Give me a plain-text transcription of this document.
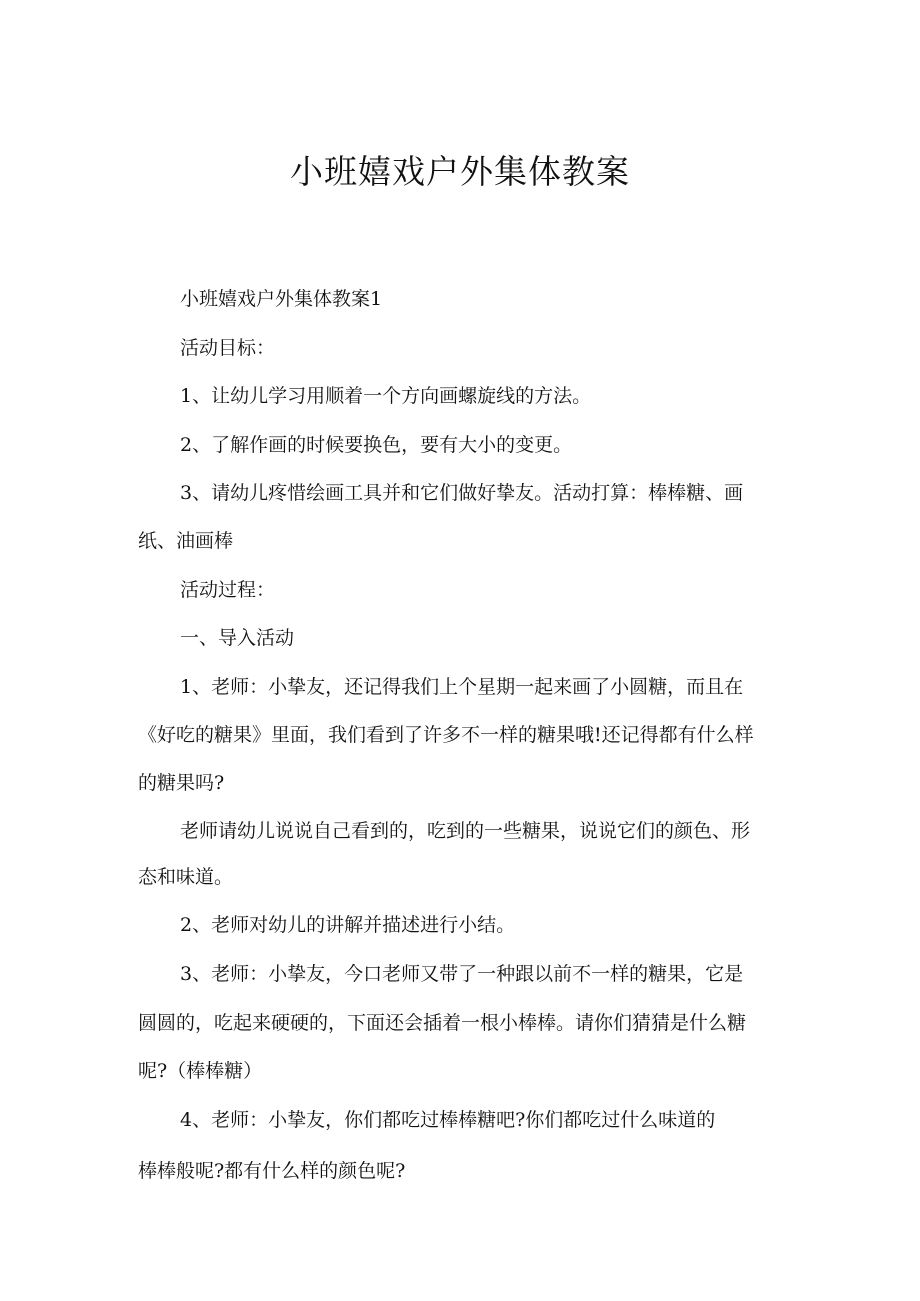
小班嬉戏户外集体教案

小班嬉戏户外集体教案1

活动目标：

1、让幼儿学习用顺着一个方向画螺旋线的方法。

2、了解作画的时候要换色，要有大小的变更。

3、请幼儿疼惜绘画工具并和它们做好挚友。活动打算：棒棒糖、画

纸、油画棒

活动过程：

一、导入活动

1、老师：小挚友，还记得我们上个星期一起来画了小圆糖，而且在

《好吃的糖果》里面，我们看到了许多不一样的糖果哦!还记得都有什么样

的糖果吗?

老师请幼儿说说自己看到的，吃到的一些糖果，说说它们的颜色、形

态和味道。

2、老师对幼儿的讲解并描述进行小结。

3、老师：小挚友，今口老师又带了一种跟以前不一样的糖果，它是

圆圆的，吃起来硬硬的，下面还会插着一根小棒棒。请你们猜猜是什么糖

呢?（棒棒糖）

4、老师：小挚友，你们都吃过棒棒糖吧?你们都吃过什么味道的

棒棒般呢?都有什么样的颜色呢?
